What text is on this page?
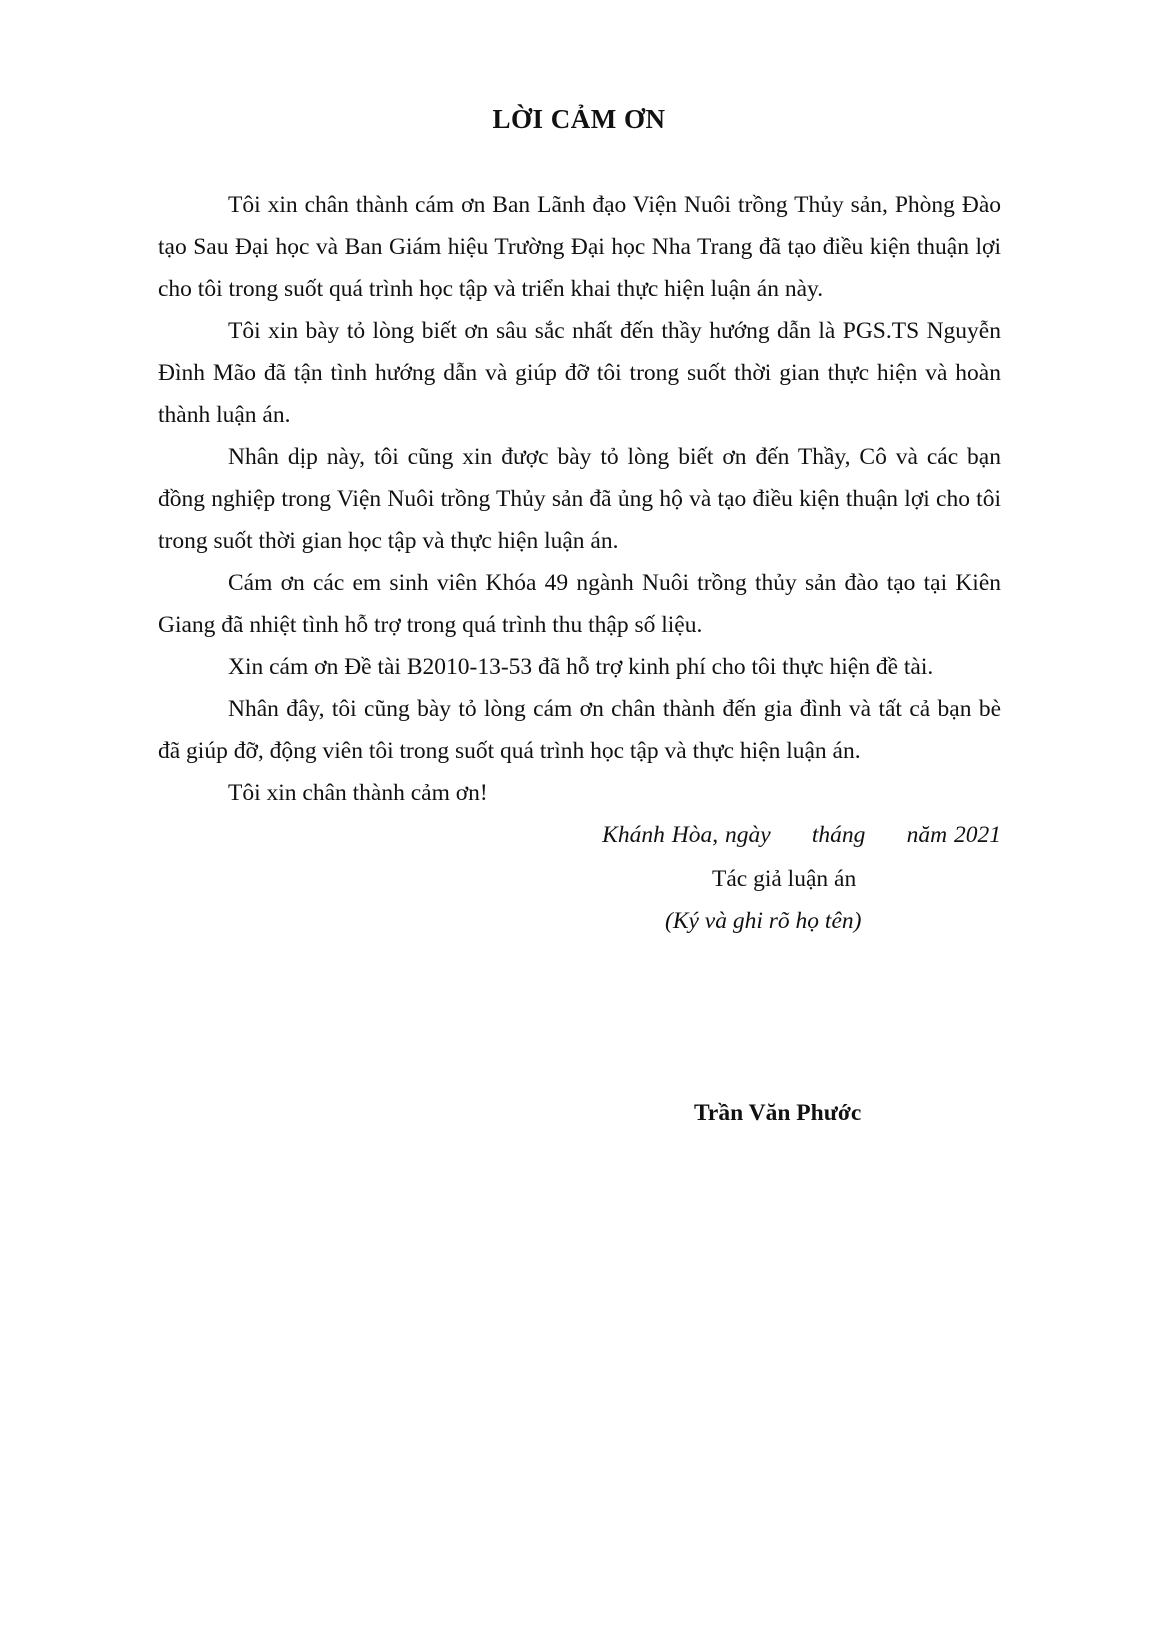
LỜI CẢM ƠN

Tôi xin chân thành cám ơn Ban Lãnh đạo Viện Nuôi trồng Thủy sản, Phòng Đào tạo Sau Đại học và Ban Giám hiệu Trường Đại học Nha Trang đã tạo điều kiện thuận lợi cho tôi trong suốt quá trình học tập và triển khai thực hiện luận án này.

Tôi xin bày tỏ lòng biết ơn sâu sắc nhất đến thầy hướng dẫn là PGS.TS Nguyễn Đình Mão đã tận tình hướng dẫn và giúp đỡ tôi trong suốt thời gian thực hiện và hoàn thành luận án.

Nhân dịp này, tôi cũng xin được bày tỏ lòng biết ơn đến Thầy, Cô và các bạn đồng nghiệp trong Viện Nuôi trồng Thủy sản đã ủng hộ và tạo điều kiện thuận lợi cho tôi trong suốt thời gian học tập và thực hiện luận án.

Cám ơn các em sinh viên Khóa 49 ngành Nuôi trồng thủy sản đào tạo tại Kiên Giang đã nhiệt tình hỗ trợ trong quá trình thu thập số liệu.

Xin cám ơn Đề tài B2010-13-53 đã hỗ trợ kinh phí cho tôi thực hiện đề tài.

Nhân đây, tôi cũng bày tỏ lòng cám ơn chân thành đến gia đình và tất cả bạn bè đã giúp đỡ, động viên tôi trong suốt quá trình học tập và thực hiện luận án.

Tôi xin chân thành cảm ơn!

Khánh Hòa, ngày      tháng      năm 2021
Tác giả luận án
(Ký và ghi rõ họ tên)
Trần Văn Phước
